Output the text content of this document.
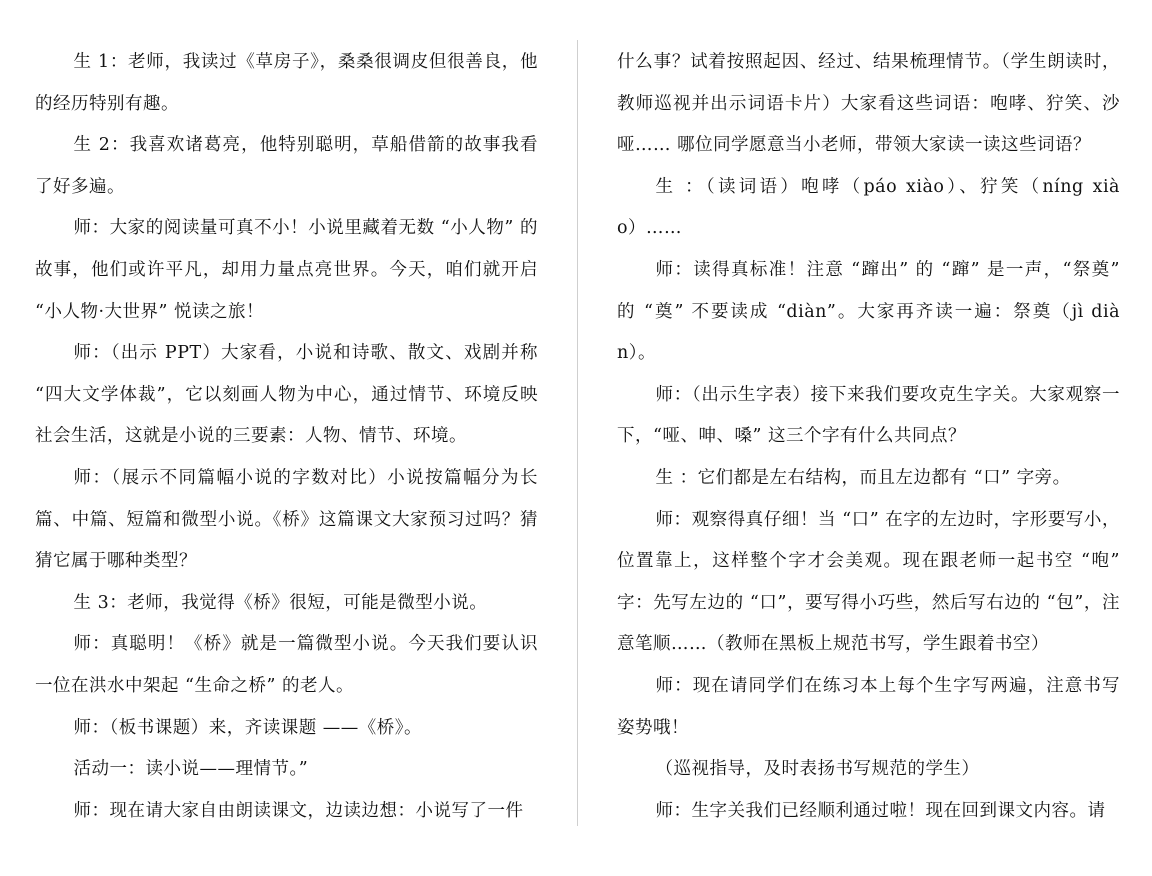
生 1：老师，我读过《草房子》，桑桑很调皮但很善良，他的经历特别有趣。

生 2：我喜欢诸葛亮，他特别聪明，草船借箭的故事我看了好多遍。

师：大家的阅读量可真不小！小说里藏着无数 “小人物” 的故事，他们或许平凡，却用力量点亮世界。今天，咱们就开启 “小人物·大世界” 悦读之旅！

师：（出示 PPT）大家看，小说和诗歌、散文、戏剧并称 “四大文学体裁”，它以刻画人物为中心，通过情节、环境反映社会生活，这就是小说的三要素：人物、情节、环境。

师：（展示不同篇幅小说的字数对比）小说按篇幅分为长篇、中篇、短篇和微型小说。《桥》这篇课文大家预习过吗？猜猜它属于哪种类型？

生 3：老师，我觉得《桥》很短，可能是微型小说。

师：真聪明！《桥》就是一篇微型小说。今天我们要认识一位在洪水中架起 “生命之桥” 的老人。

师：（板书课题）来，齐读课题 ——《桥》。

活动一：读小说——理情节。”

师：现在请大家自由朗读课文，边读边想：小说写了一件

什么事？试着按照起因、经过、结果梳理情节。（学生朗读时，教师巡视并出示词语卡片）大家看这些词语：咆哮、狞笑、沙哑…… 哪位同学愿意当小老师，带领大家读一读这些词语？

生 ：（读词语）咆哮（páo xiào）、狞笑（níng xiào）……

师：读得真标准！注意 “蹿出” 的 “蹿” 是一声，“祭奠” 的 “奠” 不要读成 “diàn”。大家再齐读一遍：祭奠（jì diàn）。

师：（出示生字表）接下来我们要攻克生字关。大家观察一下，“哑、呻、嗓” 这三个字有什么共同点？

生 ：它们都是左右结构，而且左边都有 “口” 字旁。

师：观察得真仔细！当 “口” 在字的左边时，字形要写小，位置靠上，这样整个字才会美观。现在跟老师一起书空 “咆” 字：先写左边的 “口”，要写得小巧些，然后写右边的 “包”，注意笔顺……（教师在黑板上规范书写，学生跟着书空）

师：现在请同学们在练习本上每个生字写两遍，注意书写姿势哦！

（巡视指导，及时表扬书写规范的学生）

师：生字关我们已经顺利通过啦！现在回到课文内容。请
